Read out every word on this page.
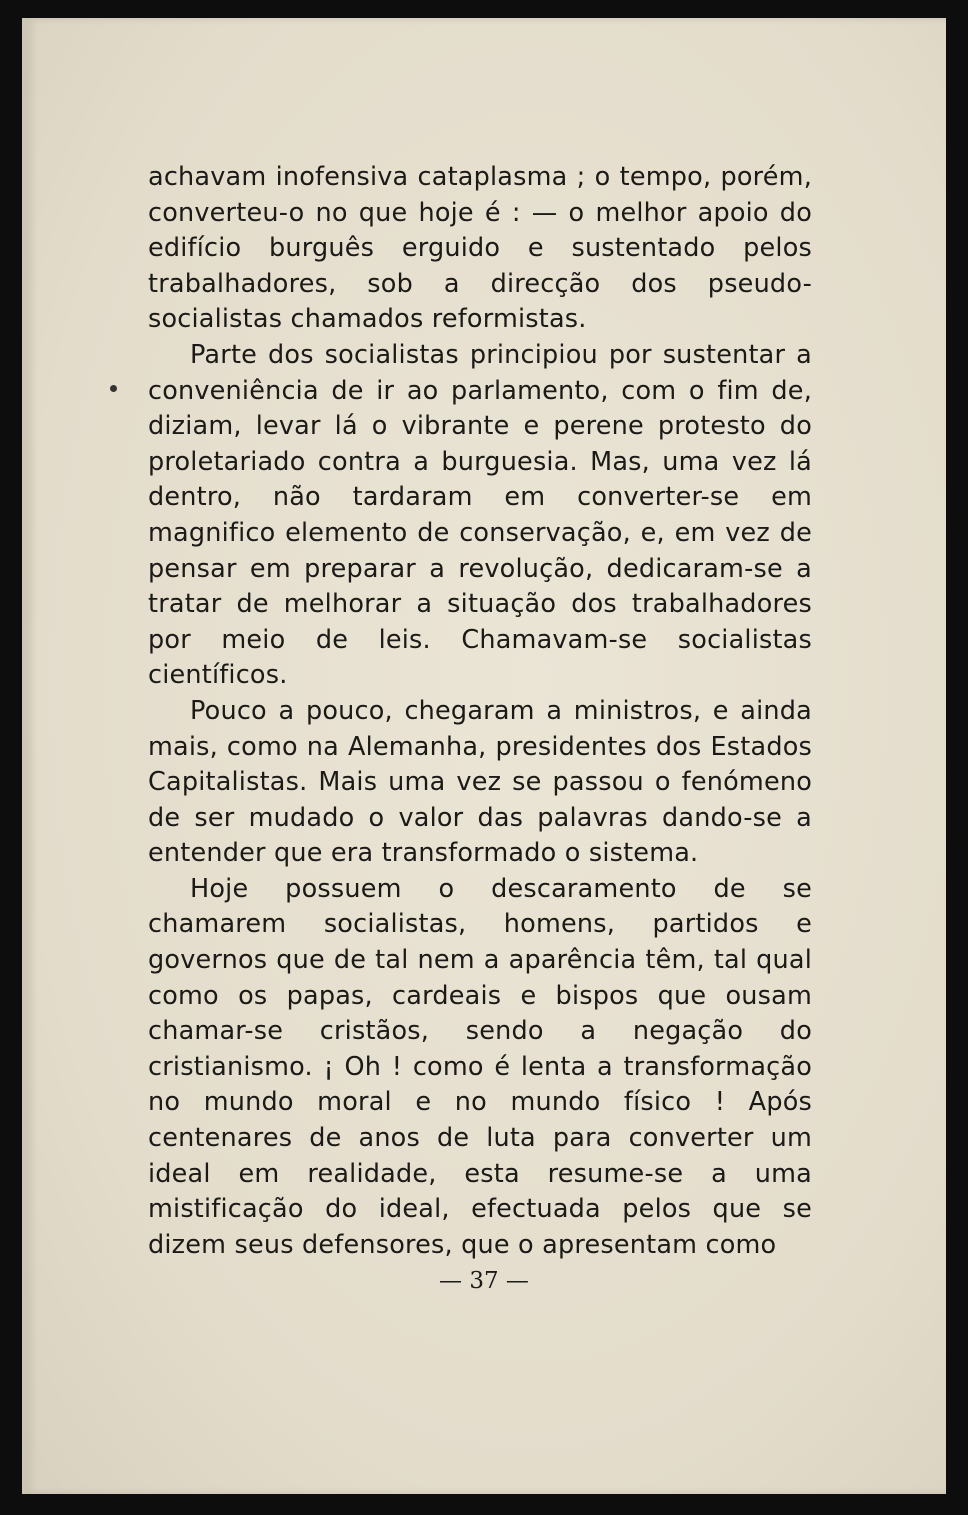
achavam inofensiva cataplasma ; o tempo, porém, converteu-o no que hoje é : — o melhor apoio do edifício burguês erguido e sustentado pelos trabalhadores, sob a direcção dos pseudo-socialistas chamados reformistas.

Parte dos socialistas principiou por sustentar a conveniência de ir ao parlamento, com o fim de, diziam, levar lá o vibrante e perene protesto do proletariado contra a burguesia. Mas, uma vez lá dentro, não tardaram em converter-se em magnifico elemento de conservação, e, em vez de pensar em preparar a revolução, dedicaram-se a tratar de melhorar a situação dos trabalhadores por meio de leis. Chamavam-se socialistas científicos.

Pouco a pouco, chegaram a ministros, e ainda mais, como na Alemanha, presidentes dos Estados Capitalistas. Mais uma vez se passou o fenómeno de ser mudado o valor das palavras dando-se a entender que era transformado o sistema.

Hoje possuem o descaramento de se chamarem socialistas, homens, partidos e governos que de tal nem a aparência têm, tal qual como os papas, cardeais e bispos que ousam chamar-se cristãos, sendo a negação do cristianismo. ¡ Oh ! como é lenta a transformação no mundo moral e no mundo físico ! Após centenares de anos de luta para converter um ideal em realidade, esta resume-se a uma mistificação do ideal, efectuada pelos que se dizem seus defensores, que o apresentam como

— 37 —
